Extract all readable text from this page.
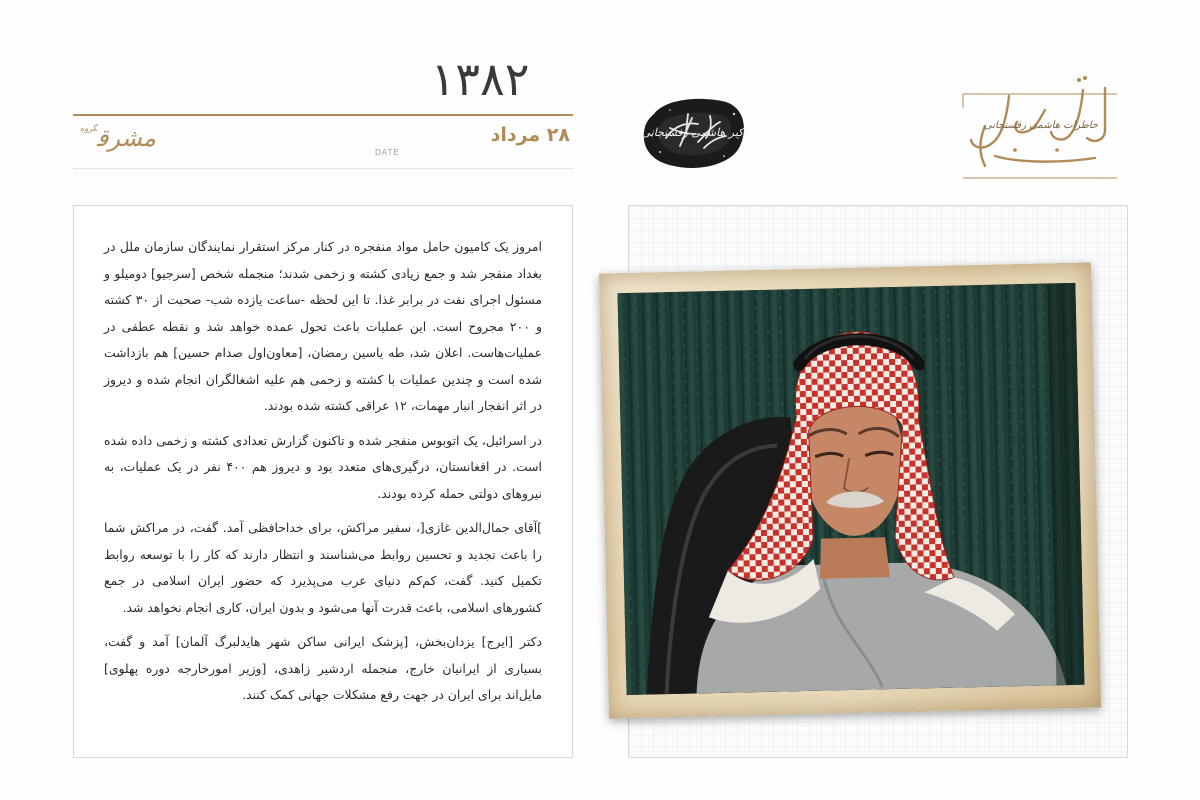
۱۳۸۲
۲۸ مرداد
DATE
مشرق$^{گروه}$	اکبر هاشمی رفسنجانی
خاطرات هاشمی رفسنجانی

امروز یک کامیون حامل مواد منفجره در کنار مرکز استقرار نمایندگان سازمان ملل در بغداد منفجر شد و جمع زیادی کشته و زخمی شدند؛ منجمله شخص [سرجیو] دوميلو و مسئول اجرای نفت در برابر غذا. تا این لحظه -ساعت یازده شب- صحبت از ۳۰ کشته و ۲۰۰ مجروح است. این عملیات باعث تحول عمده خواهد شد و نقطه عطفی در عملیات‌هاست. اعلان شد، طه یاسین رمضان، [معاون‌اول صدام حسین] هم بازداشت شده است و چندین عملیات با کشته و زخمی هم علیه اشغالگران انجام شده و دیروز در اثر انفجار انبار مهمات، ۱۲ عراقی کشته شده بودند.

در اسرائیل، یک اتوبوس منفجر شده و تاکنون گزارش تعدادی کشته و زخمی داده شده است. در افغانستان، درگیری‌های متعدد بود و دیروز هم ۴۰۰ نفر در یک عملیات، به نیروهای دولتی حمله کرده بودند.

]آقای جمال‌الدین غازی[، سفیر مراکش، برای خداحافظی آمد. گفت، در مراکش شما را باعث تجدید و تحسین روابط می‌شناسند و انتظار دارند که کار را با توسعه روابط تکمیل کنید. گفت، کم‌کم دنیای عرب می‌پذیرد که حضور ایران اسلامی در جمع کشورهای اسلامی، باعث قدرت آنها می‌شود و بدون ایران، کاری انجام نخواهد شد.

دکتر [ایرج] یزدان‌بخش، [پزشک ایرانی ساکن شهر هایدلبرگ آلمان] آمد و گفت، بسیاری از ایرانیان خارج، منجمله اردشیر زاهدی، [وزیر امورخارجه دوره پهلوی] مایل‌اند برای ایران در جهت رفع مشکلات جهانی کمک کنند.
